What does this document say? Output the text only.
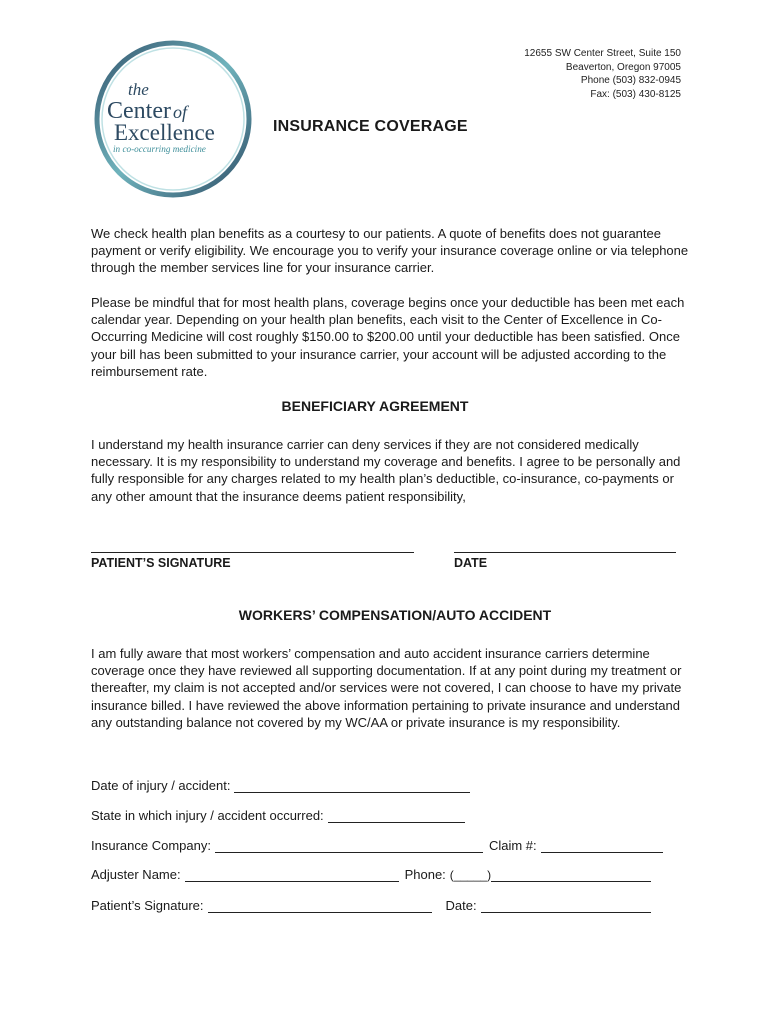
the
Center of
Excellence
in co-occurring medicine
12655 SW Center Street, Suite 150
Beaverton, Oregon 97005
Phone (503) 832-0945
Fax: (503) 430-8125
INSURANCE COVERAGE

We check health plan benefits as a courtesy to our patients. A quote of benefits does not guarantee payment or verify eligibility. We encourage you to verify your insurance coverage online or via telephone through the member services line for your insurance carrier.

Please be mindful that for most health plans, coverage begins once your deductible has been met each calendar year. Depending on your health plan benefits, each visit to the Center of Excellence in Co-Occurring Medicine will cost roughly $150.00 to $200.00 until your deductible has been satisfied. Once your bill has been submitted to your insurance carrier, your account will be adjusted according to the reimbursement rate.

BENEFICIARY AGREEMENT

I understand my health insurance carrier can deny services if they are not considered medically necessary. It is my responsibility to understand my coverage and benefits. I agree to be personally and fully responsible for any charges related to my health plan’s deductible, co-insurance, co-payments or any other amount that the insurance deems patient responsibility,

PATIENT’S SIGNATURE	DATE
WORKERS’ COMPENSATION/AUTO ACCIDENT

I am fully aware that most workers’ compensation and auto accident insurance carriers determine coverage once they have reviewed all supporting documentation. If at any point during my treatment or thereafter, my claim is not accepted and/or services were not covered, I can choose to have my private insurance billed. I have reviewed the above information pertaining to private insurance and understand any outstanding balance not covered by my WC/AA or private insurance is my responsibility.

Date of injury / accident:
State in which injury / accident occurred:
Insurance Company:	Claim #:
Adjuster Name:	Phone: (_____)
Patient’s Signature:	Date:
